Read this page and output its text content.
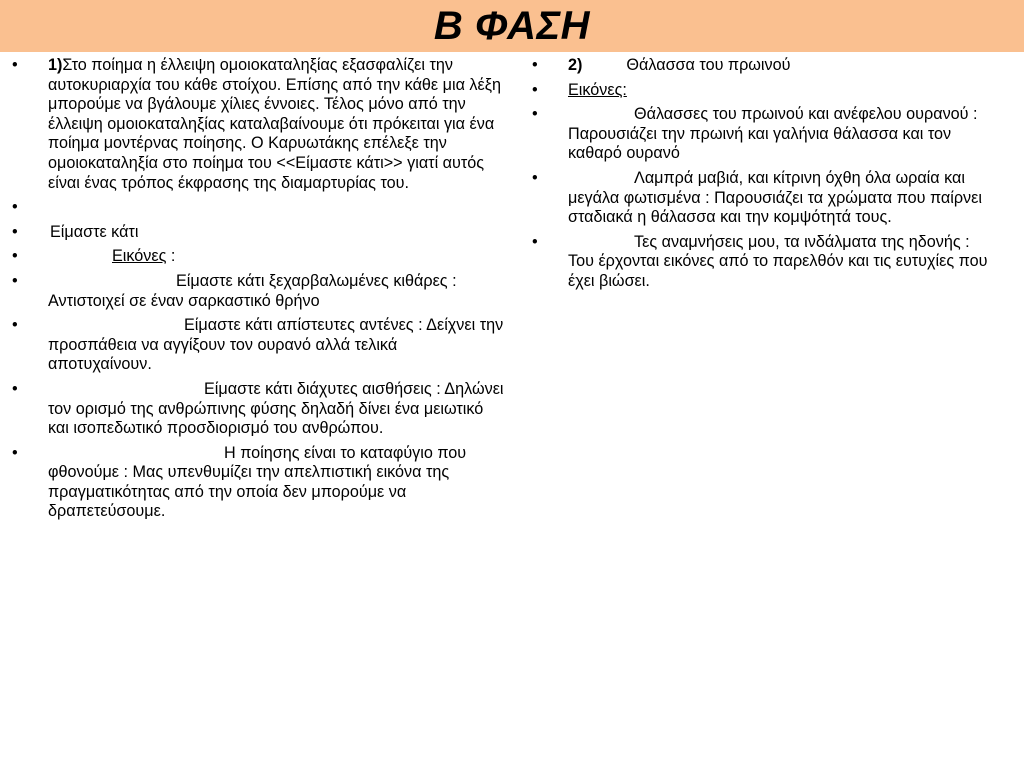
Β ΦΑΣΗ
•	1)Στο ποίημα η έλλειψη ομοιοκαταληξίας εξασφαλίζει την αυτοκυριαρχία του κάθε στοίχου. Επίσης από την κάθε μια λέξη μπορούμε να βγάλουμε χίλιες έννοιες. Τέλος μόνο από την έλλειψη ομοιοκαταληξίας καταλαβαίνουμε ότι πρόκειται για ένα ποίημα μοντέρνας ποίησης. Ο Καρυωτάκης επέλεξε την ομοιοκαταληξία στο ποίημα του <<Είμαστε κάτι>> γιατί αυτός είναι ένας τρόπος έκφρασης της διαμαρτυρίας του.
•
•	Είμαστε κάτι
•	Εικόνες :
•	Είμαστε κάτι ξεχαρβαλωμένες κιθάρες : Αντιστοιχεί σε έναν σαρκαστικό θρήνο
•	Είμαστε κάτι απίστευτες αντένες : Δείχνει την προσπάθεια να αγγίξουν τον ουρανό αλλά τελικά αποτυχαίνουν.
•	Είμαστε κάτι διάχυτες αισθήσεις : Δηλώνει τον ορισμό της ανθρώπινης φύσης δηλαδή δίνει ένα μειωτικό και ισοπεδωτικό προσδιορισμό του ανθρώπου.
•	Η ποίησης είναι το καταφύγιο που φθονούμε : Μας υπενθυμίζει την απελπιστική εικόνα της πραγματικότητας από την οποία δεν μπορούμε να δραπετεύσουμε.
•	2)	Θάλασσα του πρωινού
•	Εικόνες:
•	Θάλασσες του πρωινού και ανέφελου ουρανού : Παρουσιάζει την πρωινή και γαλήνια θάλασσα και τον καθαρό ουρανό
•	Λαμπρά μαβιά, και κίτρινη όχθη όλα ωραία και μεγάλα φωτισμένα : Παρουσιάζει τα χρώματα που παίρνει σταδιακά η θάλασσα και την κομψότητά τους.
•	Τες αναμνήσεις μου, τα ινδάλματα της ηδονής : Του έρχονται εικόνες από το παρελθόν και τις ευτυχίες που έχει βιώσει.
